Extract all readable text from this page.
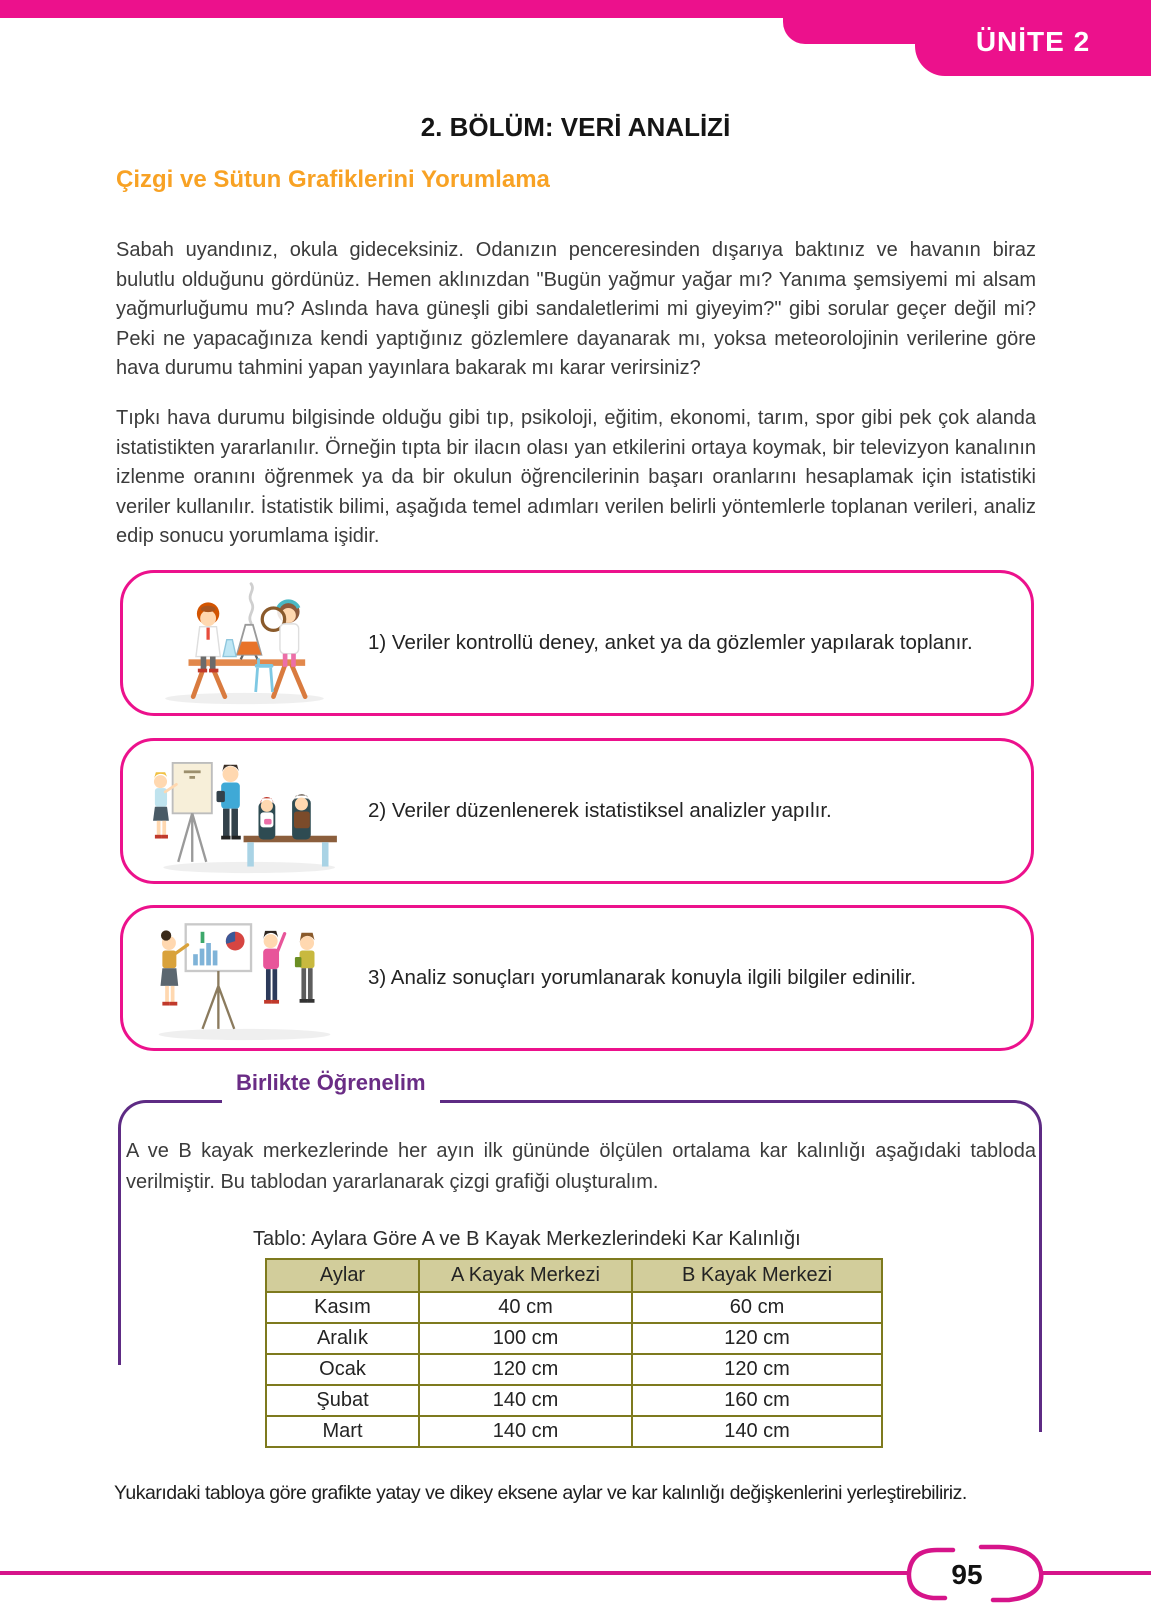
ÜNİTE 2
2. BÖLÜM: VERİ ANALİZİ
Çizgi ve Sütun Grafiklerini Yorumlama

Sabah uyandınız, okula gideceksiniz. Odanızın penceresinden dışarıya baktınız ve havanın biraz bulutlu olduğunu gördünüz. Hemen aklınızdan "Bugün yağmur yağar mı? Yanıma şemsiyemi mi alsam yağmurluğumu mu? Aslında hava güneşli gibi sandaletlerimi mi giyeyim?" gibi sorular geçer değil mi? Peki ne yapacağınıza kendi yaptığınız gözlemlere dayanarak mı, yoksa meteorolojinin verilerine göre hava durumu tahmini yapan yayınlara bakarak mı karar verirsiniz?

Tıpkı hava durumu bilgisinde olduğu gibi tıp, psikoloji, eğitim, ekonomi, tarım, spor gibi pek çok alanda istatistikten yararlanılır. Örneğin tıpta bir ilacın olası yan etkilerini ortaya koymak, bir televizyon kanalının izlenme oranını öğrenmek ya da bir okulun öğrencilerinin başarı oranlarını hesaplamak için istatistiki veriler kullanılır. İstatistik bilimi, aşağıda temel adımları verilen belirli yöntemlerle toplanan verileri, analiz edip sonucu yorumlama işidir.

1) Veriler kontrollü deney, anket ya da gözlemler yapılarak toplanır.
2) Veriler düzenlenerek istatistiksel analizler yapılır.
3) Analiz sonuçları yorumlanarak konuyla ilgili bilgiler edinilir.
Birlikte Öğrenelim

A ve B kayak merkezlerinde her ayın ilk gününde ölçülen ortalama kar kalınlığı aşağıdaki tabloda verilmiştir. Bu tablodan yararlanarak çizgi grafiği oluşturalım.

Tablo: Aylara Göre A ve B Kayak Merkezlerindeki Kar Kalınlığı
Aylar	A Kayak Merkezi	B Kayak Merkezi
Kasım	40 cm	60 cm
Aralık	100 cm	120 cm
Ocak	120 cm	120 cm
Şubat	140 cm	160 cm
Mart	140 cm	140 cm
Yukarıdaki tabloya göre grafikte yatay ve dikey eksene aylar ve kar kalınlığı değişkenlerini yerleştirebiliriz.
95
